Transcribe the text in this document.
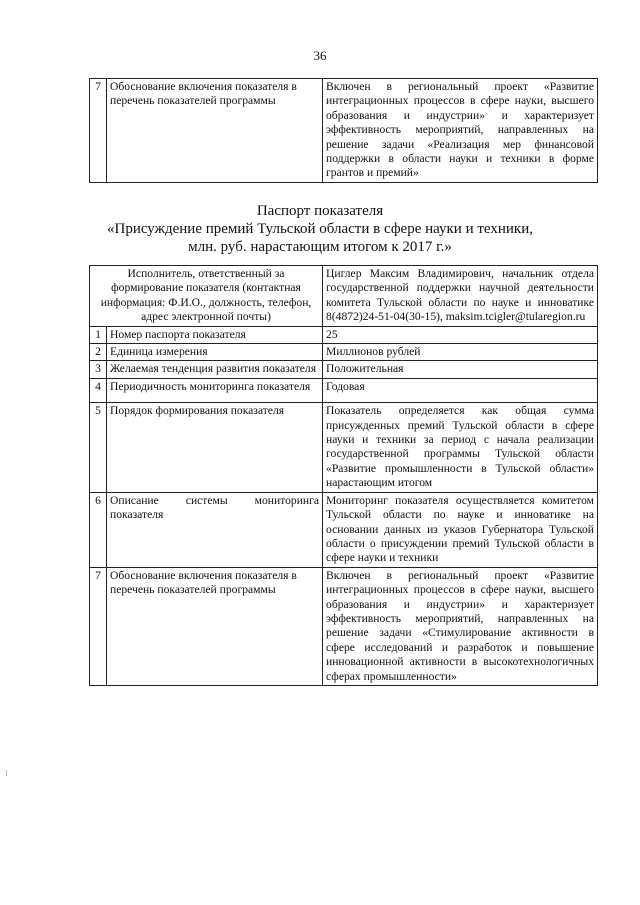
36
7	Обоснование включения показателя в перечень показателей программы	Включен в региональный проект «Развитие интеграционных процессов в сфере науки, высшего образования и индустрии» и характеризует эффективность мероприятий, направленных на решение задачи «Реализация мер финансовой поддержки в области науки и техники в форме грантов и премий»
Паспорт показателя
«Присуждение премий Тульской области в сфере науки и техники,
млн. руб. нарастающим итогом к 2017 г.»
Исполнитель, ответственный за формирование показателя (контактная информация: Ф.И.О., должность, телефон, адрес электронной почты)		Циглер Максим Владимирович, начальник отдела государственной поддержки научной деятельности комитета Тульской области по науке и инноватике 8(4872)24-51-04(30-15), maksim.tcigler@tularegion.ru
1	Номер паспорта показателя	25
2	Единица измерения	Миллионов рублей
3	Желаемая тенденция развития показателя	Положительная
4	Периодичность мониторинга показателя	Годовая
5	Порядок формирования показателя	Показатель определяется как общая сумма присужденных премий Тульской области в сфере науки и техники за период с начала реализации государственной программы Тульской области «Развитие промышленности в Тульской области» нарастающим итогом
6	Описание системы мониторинга показателя	Мониторинг показателя осуществляется комитетом Тульской области по науке и инноватике на основании данных из указов Губернатора Тульской области о присуждении премий Тульской области в сфере науки и техники
7	Обоснование включения показателя в перечень показателей программы	Включен в региональный проект «Развитие интеграционных процессов в сфере науки, высшего образования и индустрии» и характеризует эффективность мероприятий, направленных на решение задачи «Стимулирование активности в сфере исследований и разработок и повышение инновационной активности в высокотехнологичных сферах промышленности»
